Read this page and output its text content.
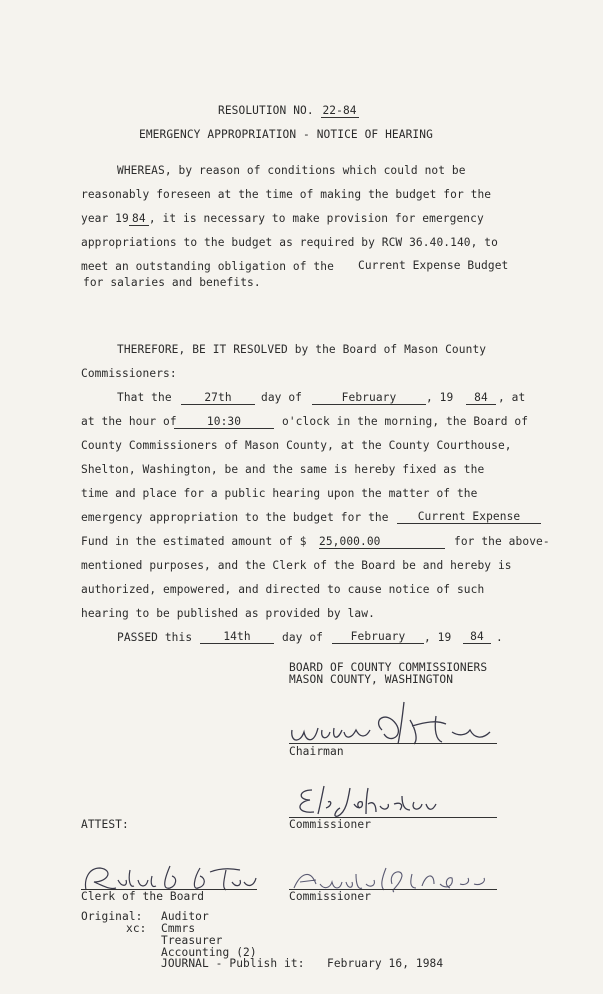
RESOLUTION NO. 22-84
EMERGENCY APPROPRIATION - NOTICE OF HEARING
WHEREAS, by reason of conditions which could not be
reasonably foreseen at the time of making the budget for the
year 19 84 , it is necessary to make provision for emergency
appropriations to the budget as required by RCW 36.40.140, to
meet an outstanding obligation of the Current Expense Budget
for salaries and benefits.
THEREFORE, BE IT RESOLVED by the Board of Mason County
Commissioners:
That the	27th	day of	February	, 19	84 , at
at the hour of	10:30	o'clock in the morning, the Board of
County Commissioners of Mason County, at the County Courthouse,
Shelton, Washington, be and the same is hereby fixed as the
time and place for a public hearing upon the matter of the
emergency appropriation to the budget for the	Current Expense
Fund in the estimated amount of $ 25,000.00	for the above-
mentioned purposes, and the Clerk of the Board be and hereby is
authorized, empowered, and directed to cause notice of such
hearing to be published as provided by law.
PASSED this	14th	day of	February	, 19	84	.
BOARD OF COUNTY COMMISSIONERS
MASON COUNTY, WASHINGTON
Chairman
Commissioner
ATTEST:
Clerk of the Board	Commissioner
Original: Auditor
xc: Cmmrs
Treasurer
Accounting (2)
JOURNAL - Publish it: February 16, 1984
